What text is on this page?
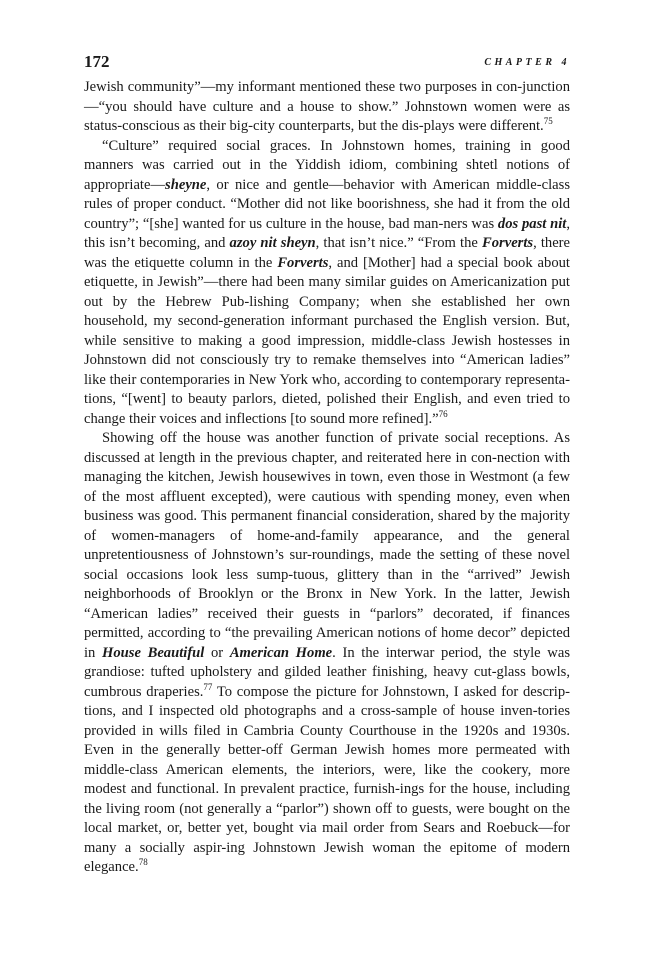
172	CHAPTER 4

Jewish community”—my informant mentioned these two purposes in con-junction—“you should have culture and a house to show.” Johnstown women were as status-conscious as their big-city counterparts, but the dis-plays were different.$^{75}$

“Culture” required social graces. In Johnstown homes, training in good manners was carried out in the Yiddish idiom, combining shtetl notions of appropriate—sheyne, or nice and gentle—behavior with American middle-class rules of proper conduct. “Mother did not like boorishness, she had it from the old country”; “[she] wanted for us culture in the house, bad man-ners was dos past nit, this isn’t becoming, and azoy nit sheyn, that isn’t nice.” “From the Forverts, there was the etiquette column in the Forverts, and [Mother] had a special book about etiquette, in Jewish”—there had been many similar guides on Americanization put out by the Hebrew Pub-lishing Company; when she established her own household, my second-generation informant purchased the English version. But, while sensitive to making a good impression, middle-class Jewish hostesses in Johnstown did not consciously try to remake themselves into “American ladies” like their contemporaries in New York who, according to contemporary representa-tions, “[went] to beauty parlors, dieted, polished their English, and even tried to change their voices and inflections [to sound more refined].”$^{76}$

Showing off the house was another function of private social receptions. As discussed at length in the previous chapter, and reiterated here in con-nection with managing the kitchen, Jewish housewives in town, even those in Westmont (a few of the most affluent excepted), were cautious with spending money, even when business was good. This permanent financial consideration, shared by the majority of women-managers of home-and-family appearance, and the general unpretentiousness of Johnstown’s sur-roundings, made the setting of these novel social occasions look less sump-tuous, glittery than in the “arrived” Jewish neighborhoods of Brooklyn or the Bronx in New York. In the latter, Jewish “American ladies” received their guests in “parlors” decorated, if finances permitted, according to “the prevailing American notions of home decor” depicted in House Beautiful or American Home. In the interwar period, the style was grandiose: tufted upholstery and gilded leather finishing, heavy cut-glass bowls, cumbrous draperies.$^{77}$ To compose the picture for Johnstown, I asked for descrip-tions, and I inspected old photographs and a cross-sample of house inven-tories provided in wills filed in Cambria County Courthouse in the 1920s and 1930s. Even in the generally better-off German Jewish homes more permeated with middle-class American elements, the interiors, were, like the cookery, more modest and functional. In prevalent practice, furnish-ings for the house, including the living room (not generally a “parlor”) shown off to guests, were bought on the local market, or, better yet, bought via mail order from Sears and Roebuck—for many a socially aspir-ing Johnstown Jewish woman the epitome of modern elegance.$^{78}$
